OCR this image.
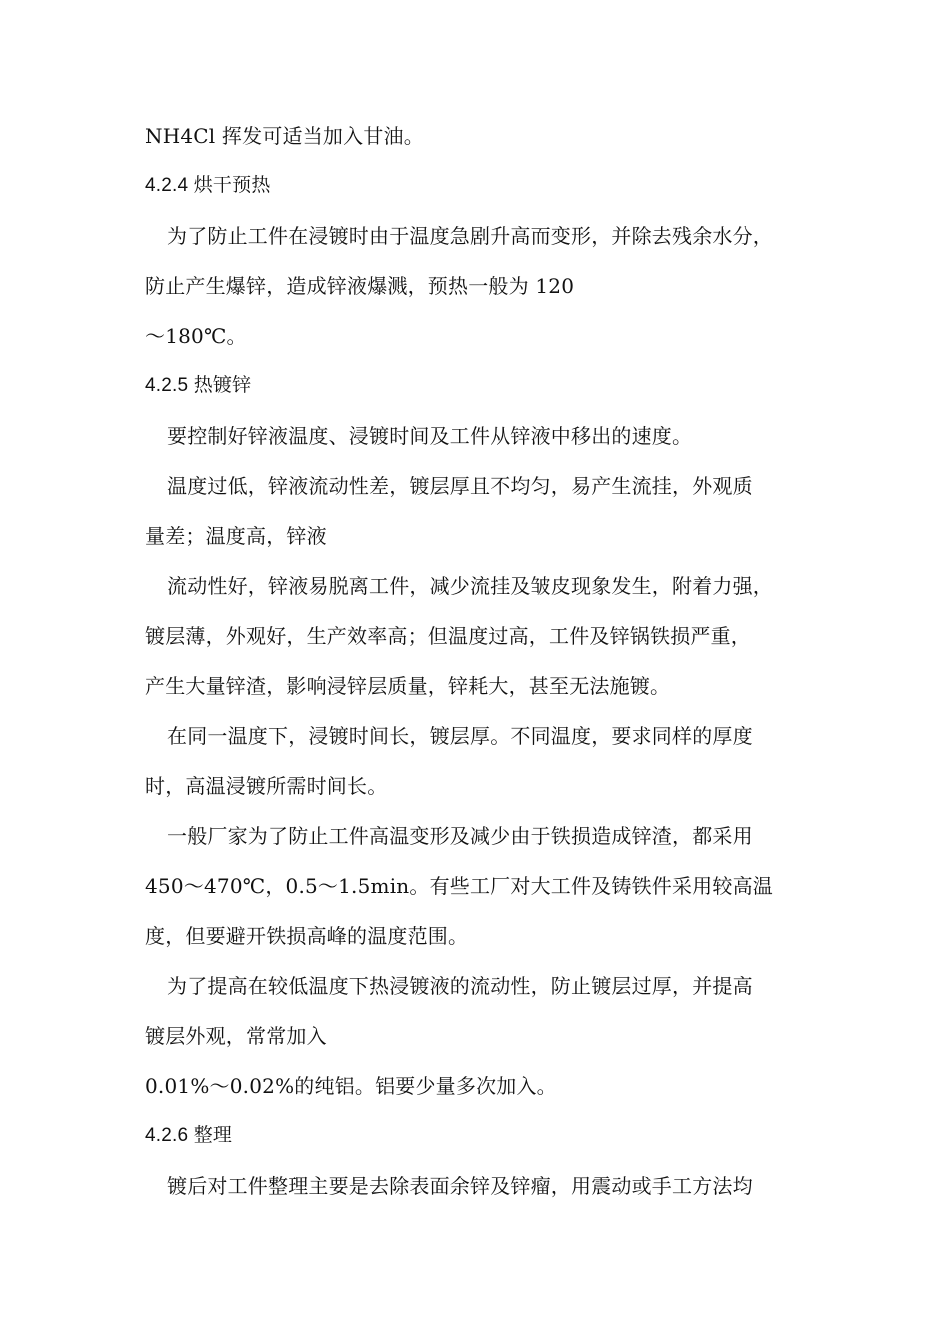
NH4Cl 挥发可适当加入甘油。
4.2.4 烘干预热
为了防止工件在浸镀时由于温度急剧升高而变形，并除去残余水分，
防止产生爆锌，造成锌液爆溅，预热一般为 120
～180℃。
4.2.5 热镀锌
要控制好锌液温度、浸镀时间及工件从锌液中移出的速度。
温度过低，锌液流动性差，镀层厚且不均匀，易产生流挂，外观质
量差；温度高，锌液
流动性好，锌液易脱离工件，减少流挂及皱皮现象发生，附着力强，
镀层薄，外观好，生产效率高；但温度过高，工件及锌锅铁损严重，
产生大量锌渣，影响浸锌层质量，锌耗大，甚至无法施镀。
在同一温度下，浸镀时间长，镀层厚。不同温度，要求同样的厚度
时，高温浸镀所需时间长。
一般厂家为了防止工件高温变形及减少由于铁损造成锌渣，都采用
450～470℃，0.5～1.5min。有些工厂对大工件及铸铁件采用较高温
度，但要避开铁损高峰的温度范围。
为了提高在较低温度下热浸镀液的流动性，防止镀层过厚，并提高
镀层外观，常常加入
0.01%～0.02%的纯铝。铝要少量多次加入。
4.2.6 整理
镀后对工件整理主要是去除表面余锌及锌瘤，用震动或手工方法均
